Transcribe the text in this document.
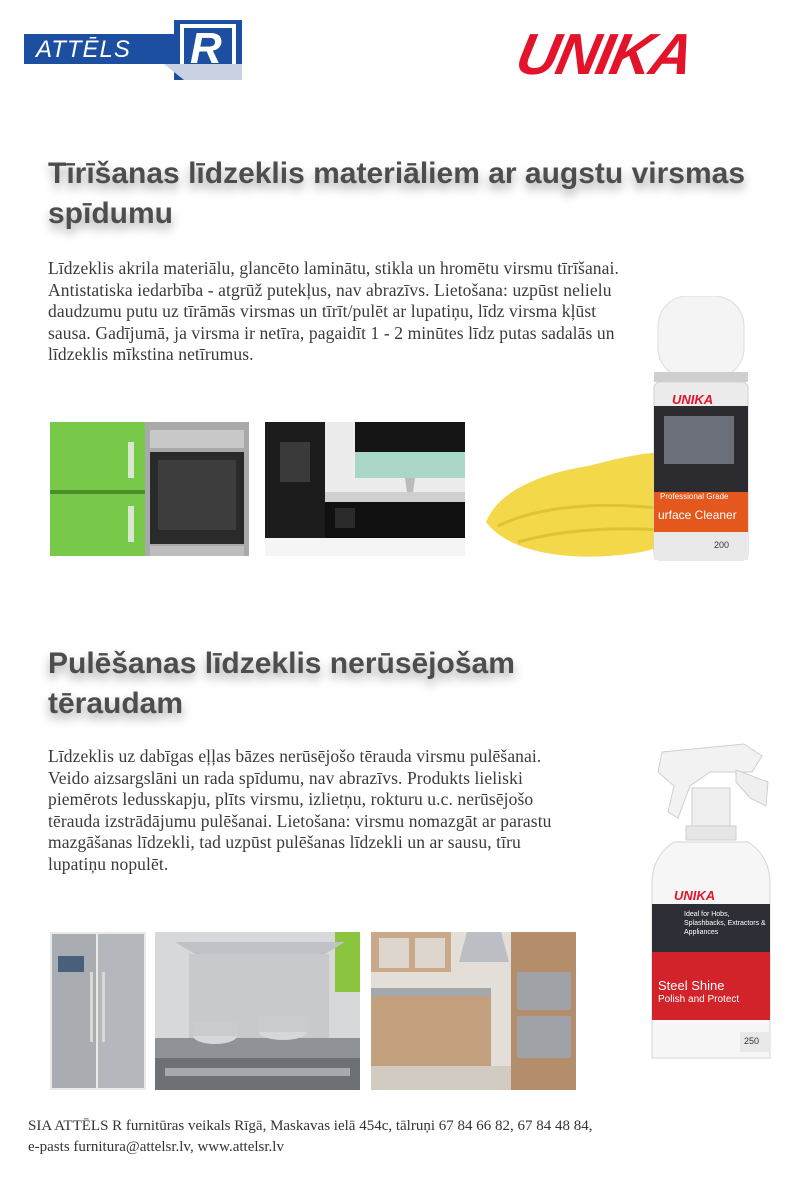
ATTĒLS R	UNIKA
Tīrīšanas līdzeklis materiāliem ar augstu virsmas spīdumu
Līdzeklis akrila materiālu, glancēto laminātu, stikla un hromētu virsmu tīrīšanai. Antistatiska iedarbība - atgrūž putekļus, nav abrazīvs. Lietošana: uzpūst nelielu daudzumu putu uz tīrāmās virsmas un tīrīt/pulēt ar lupatiņu, līdz virsma kļūst sausa. Gadījumā, ja virsma ir netīra, pagaidīt 1 - 2 minūtes līdz putas sadalās un līdzeklis mīkstina netīrumus.
UNIKA
Professional Grade
urface Cleaner
200
Pulēšanas līdzeklis nerūsējošam tēraudam
Līdzeklis uz dabīgas eļļas bāzes nerūsējošo tērauda virsmu pulēšanai. Veido aizsargslāni un rada spīdumu, nav abrazīvs. Produkts lieliski piemērots ledusskapju, plīts virsmu, izlietņu, rokturu u.c. nerūsējošo tērauda izstrādājumu pulēšanai. Lietošana: virsmu nomazgāt ar parastu mazgāšanas līdzekli, tad uzpūst pulēšanas līdzekli un ar sausu, tīru lupatiņu nopulēt.
UNIKA
Ideal for Hobs, Splashbacks, Extractors & Appliances
Steel Shine
Polish and Protect
250
SIA ATTĒLS R furnitūras veikals Rīgā, Maskavas ielā 454c, tālruņi 67 84 66 82, 67 84 48 84,
e-pasts furnitura@attelsr.lv, www.attelsr.lv
